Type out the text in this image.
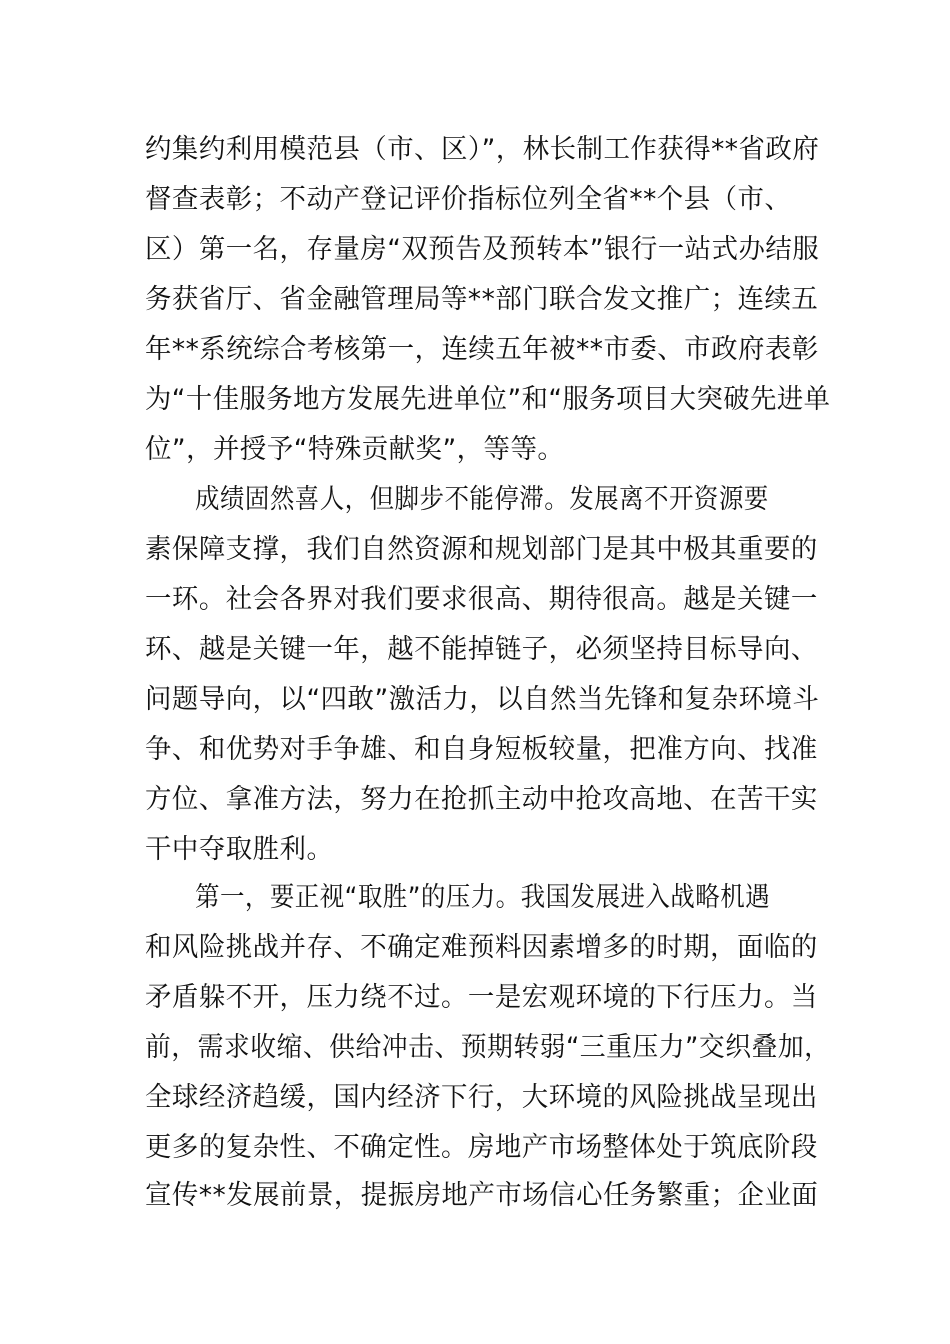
约集约利用模范县（市、区）”，林长制工作获得**省政府
督查表彰；不动产登记评价指标位列全省**个县（市、
区）第一名，存量房“双预告及预转本”银行一站式办结服
务获省厅、省金融管理局等**部门联合发文推广；连续五
年**系统综合考核第一，连续五年被**市委、市政府表彰
为“十佳服务地方发展先进单位”和“服务项目大突破先进单
位”，并授予“特殊贡献奖”，等等。
成绩固然喜人，但脚步不能停滞。发展离不开资源要
素保障支撑，我们自然资源和规划部门是其中极其重要的
一环。社会各界对我们要求很高、期待很高。越是关键一
环、越是关键一年，越不能掉链子，必须坚持目标导向、
问题导向，以“四敢”激活力，以自然当先锋和复杂环境斗
争、和优势对手争雄、和自身短板较量，把准方向、找准
方位、拿准方法，努力在抢抓主动中抢攻高地、在苦干实
干中夺取胜利。
第一，要正视“取胜”的压力。我国发展进入战略机遇
和风险挑战并存、不确定难预料因素增多的时期，面临的
矛盾躲不开，压力绕不过。一是宏观环境的下行压力。当
前，需求收缩、供给冲击、预期转弱“三重压力”交织叠加，
全球经济趋缓，国内经济下行，大环境的风险挑战呈现出
更多的复杂性、不确定性。房地产市场整体处于筑底阶段
宣传**发展前景，提振房地产市场信心任务繁重；企业面
